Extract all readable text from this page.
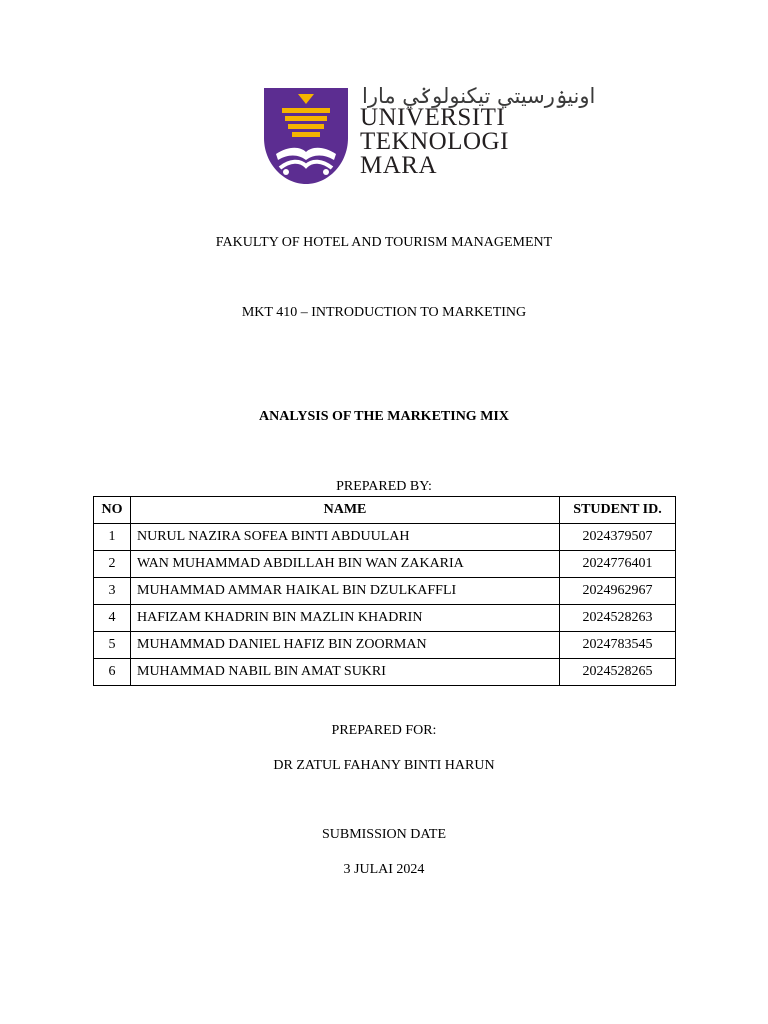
اونيۏرسيتي تيكنولوݢي مارا
UNIVERSITI
TEKNOLOGI
MARA
FAKULTY OF HOTEL AND TOURISM MANAGEMENT
MKT 410 – INTRODUCTION TO MARKETING
ANALYSIS OF THE MARKETING MIX
PREPARED BY:
NO	NAME	STUDENT ID.
1	NURUL NAZIRA SOFEA BINTI ABDUULAH	2024379507
2	WAN MUHAMMAD ABDILLAH BIN WAN ZAKARIA	2024776401
3	MUHAMMAD AMMAR HAIKAL BIN DZULKAFFLI	2024962967
4	HAFIZAM KHADRIN BIN MAZLIN KHADRIN	2024528263
5	MUHAMMAD DANIEL HAFIZ BIN ZOORMAN	2024783545
6	MUHAMMAD NABIL BIN AMAT SUKRI	2024528265
PREPARED FOR:
DR ZATUL FAHANY BINTI HARUN
SUBMISSION DATE
3 JULAI 2024
